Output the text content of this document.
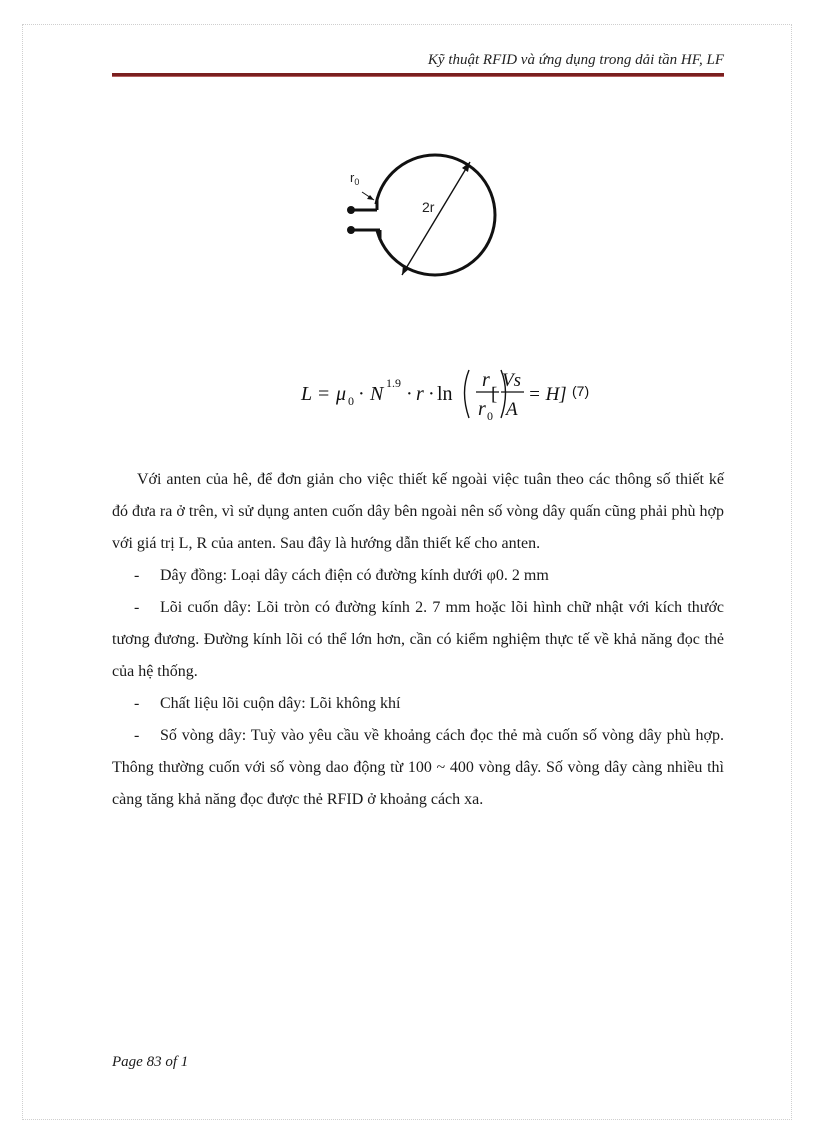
Kỹ thuật RFID và ứng dụng trong dải tần HF, LF
$r_0$
2r
L = μ 0 · N 1.9 · r · ln
r
r 0
[
Vs
A
= H] (7)

Với anten của hê, để đơn giản cho việc thiết kế ngoài việc tuân theo các thông số thiết kế đó đưa ra ở trên, vì sử dụng anten cuốn dây bên ngoài nên số vòng dây quấn cũng phải phù hợp với giá trị L, R của anten. Sau đây là hướng dẫn thiết kế cho anten.

- Dây đồng: Loại dây cách điện có đường kính dưới φ0. 2 mm

- Lõi cuốn dây: Lõi tròn có đường kính 2. 7 mm hoặc lõi hình chữ nhật với kích thước tương đương. Đường kính lõi có thể lớn hơn, cần có kiểm nghiệm thực tế về khả năng đọc thẻ của hệ thống.

- Chất liệu lõi cuộn dây: Lõi không khí

- Số vòng dây: Tuỳ vào yêu cầu về khoảng cách đọc thẻ mà cuốn số vòng dây phù hợp. Thông thường cuốn với số vòng dao động từ 100 ~ 400 vòng dây. Số vòng dây càng nhiều thì càng tăng khả năng đọc được thẻ RFID ở khoảng cách xa.

Page 83 of 1
